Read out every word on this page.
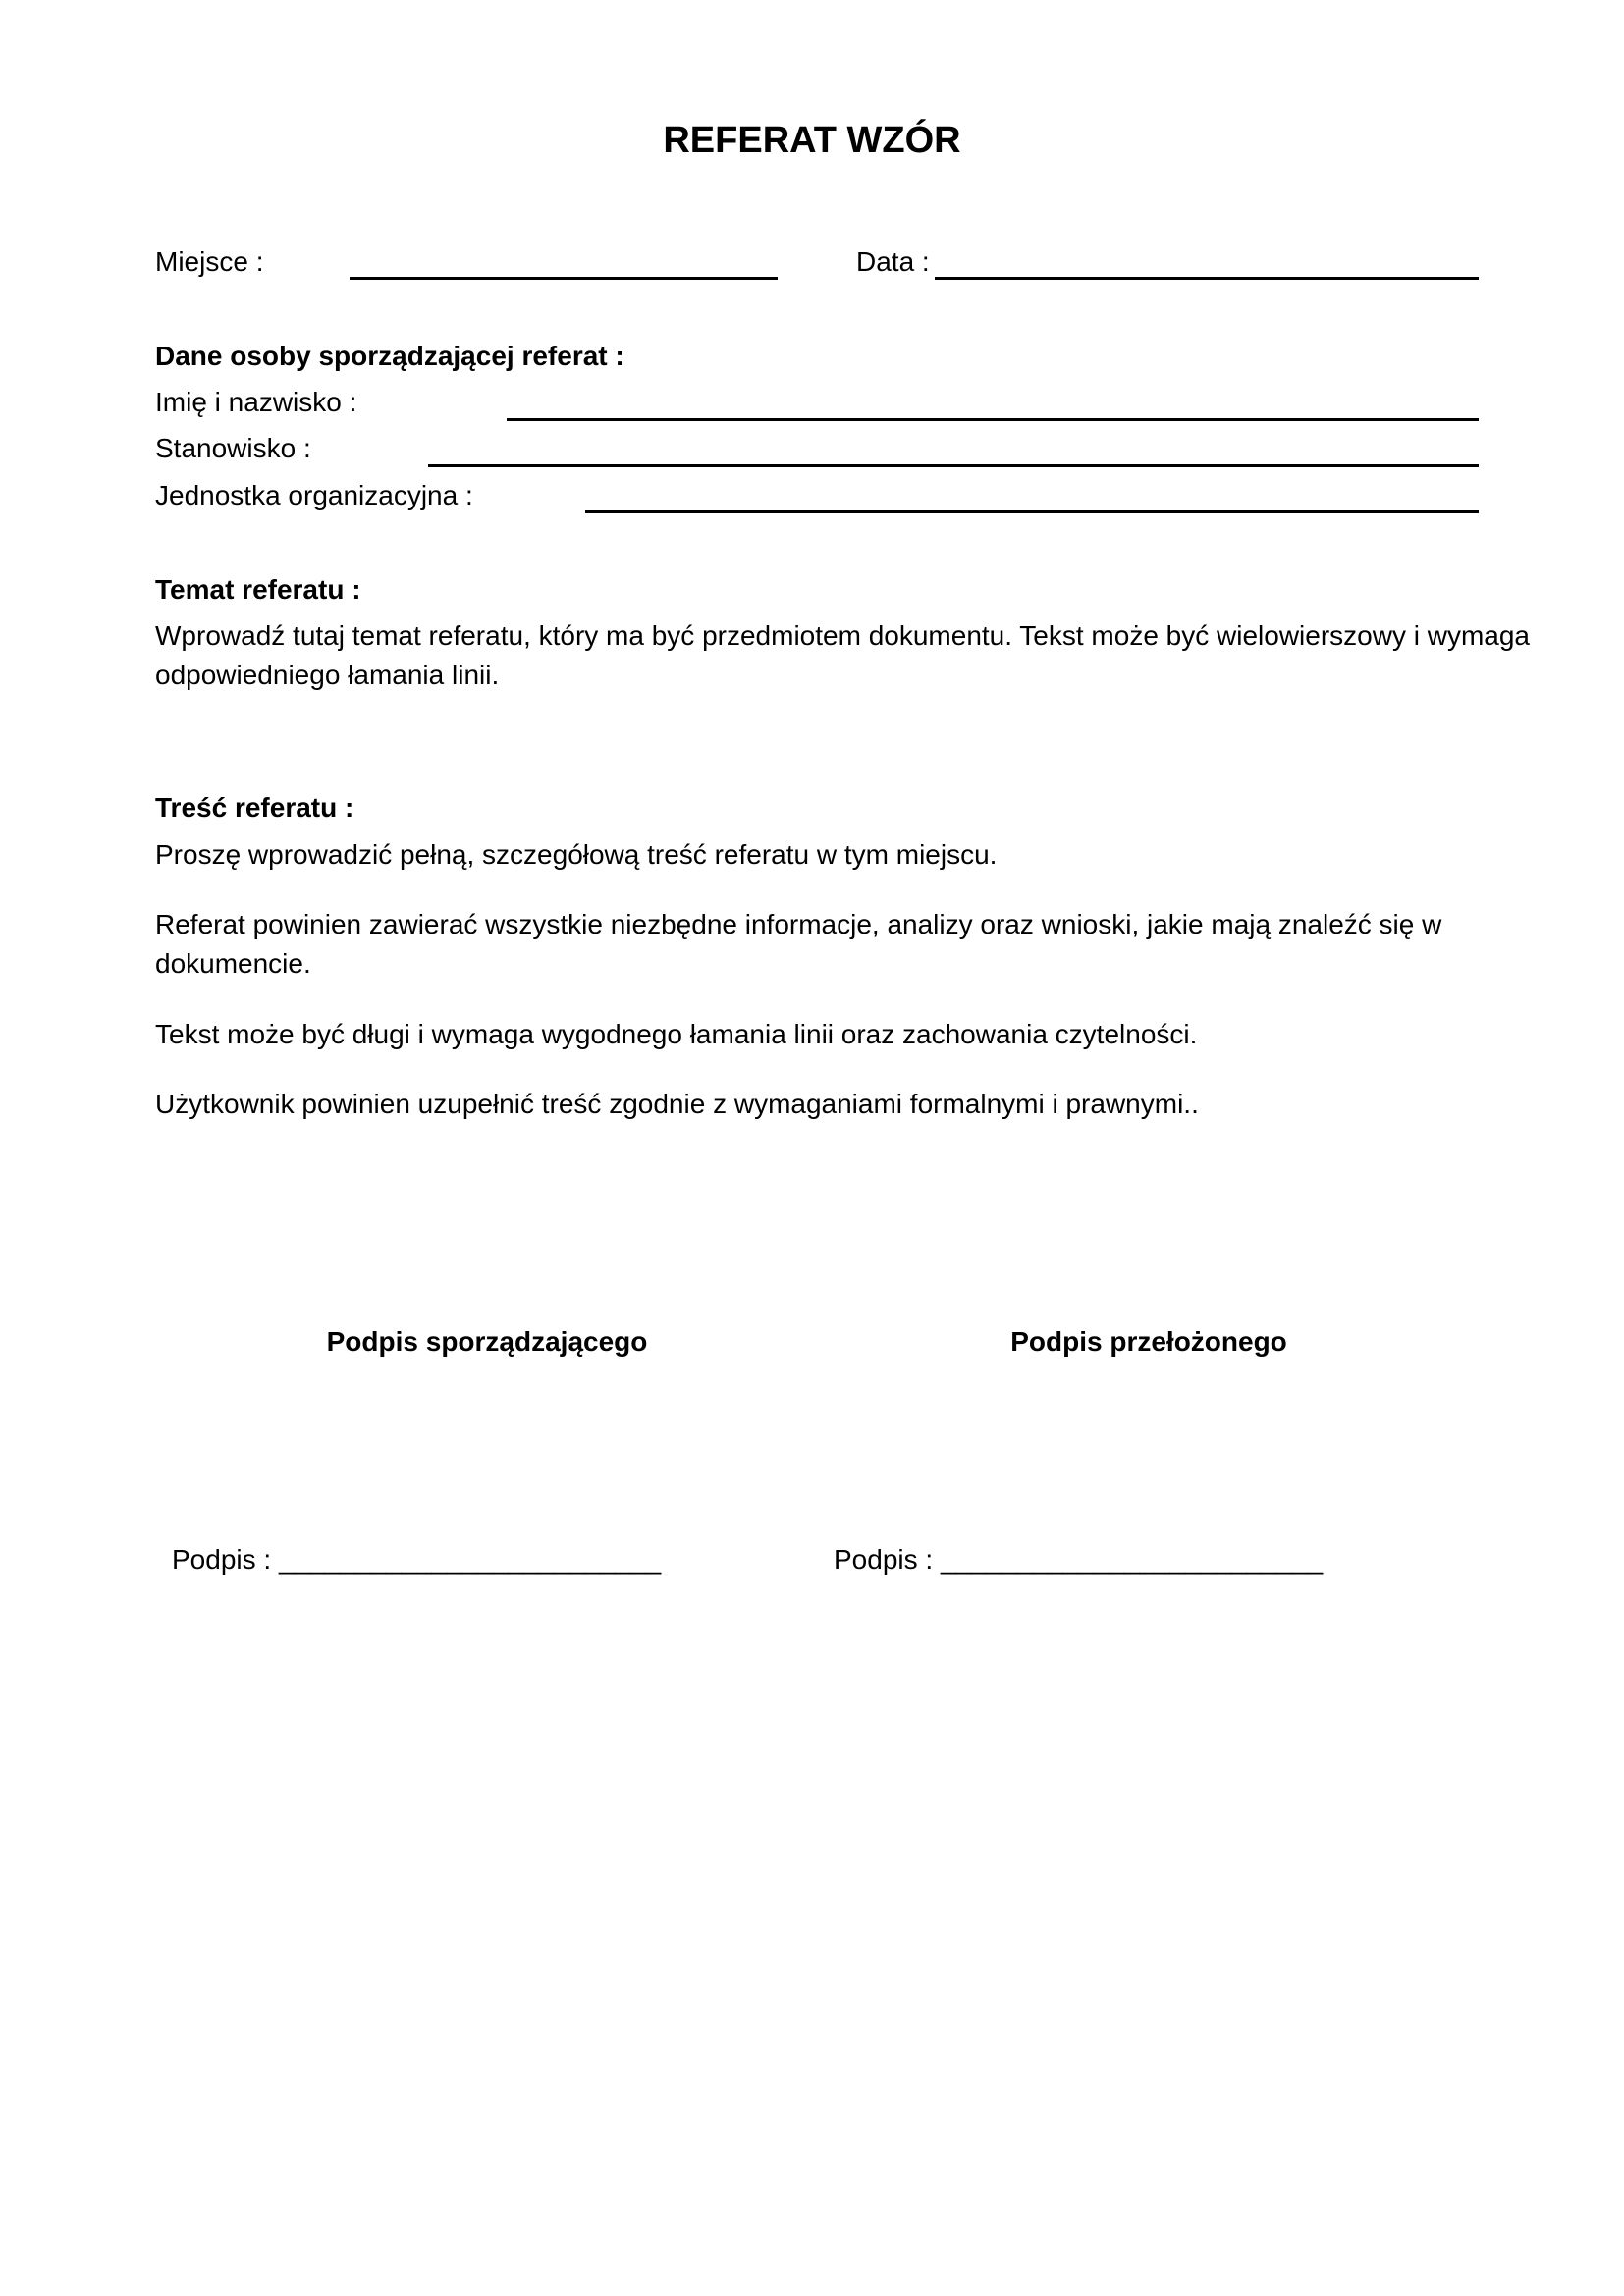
REFERAT WZÓR
Miejsce :	Data :
Dane osoby sporządzającej referat :
Imię i nazwisko :
Stanowisko :
Jednostka organizacyjna :
Temat referatu :
Wprowadź tutaj temat referatu, który ma być przedmiotem dokumentu. Tekst może być wielowierszowy i wymaga odpowiedniego łamania linii.
Treść referatu :
Proszę wprowadzić pełną, szczegółową treść referatu w tym miejscu.
Referat powinien zawierać wszystkie niezbędne informacje, analizy oraz wnioski, jakie mają znaleźć się w dokumencie.
Tekst może być długi i wymaga wygodnego łamania linii oraz zachowania czytelności.
Użytkownik powinien uzupełnić treść zgodnie z wymaganiami formalnymi i prawnymi..
Podpis sporządzającego	Podpis przełożonego
Podpis : _________________________	Podpis : _________________________
